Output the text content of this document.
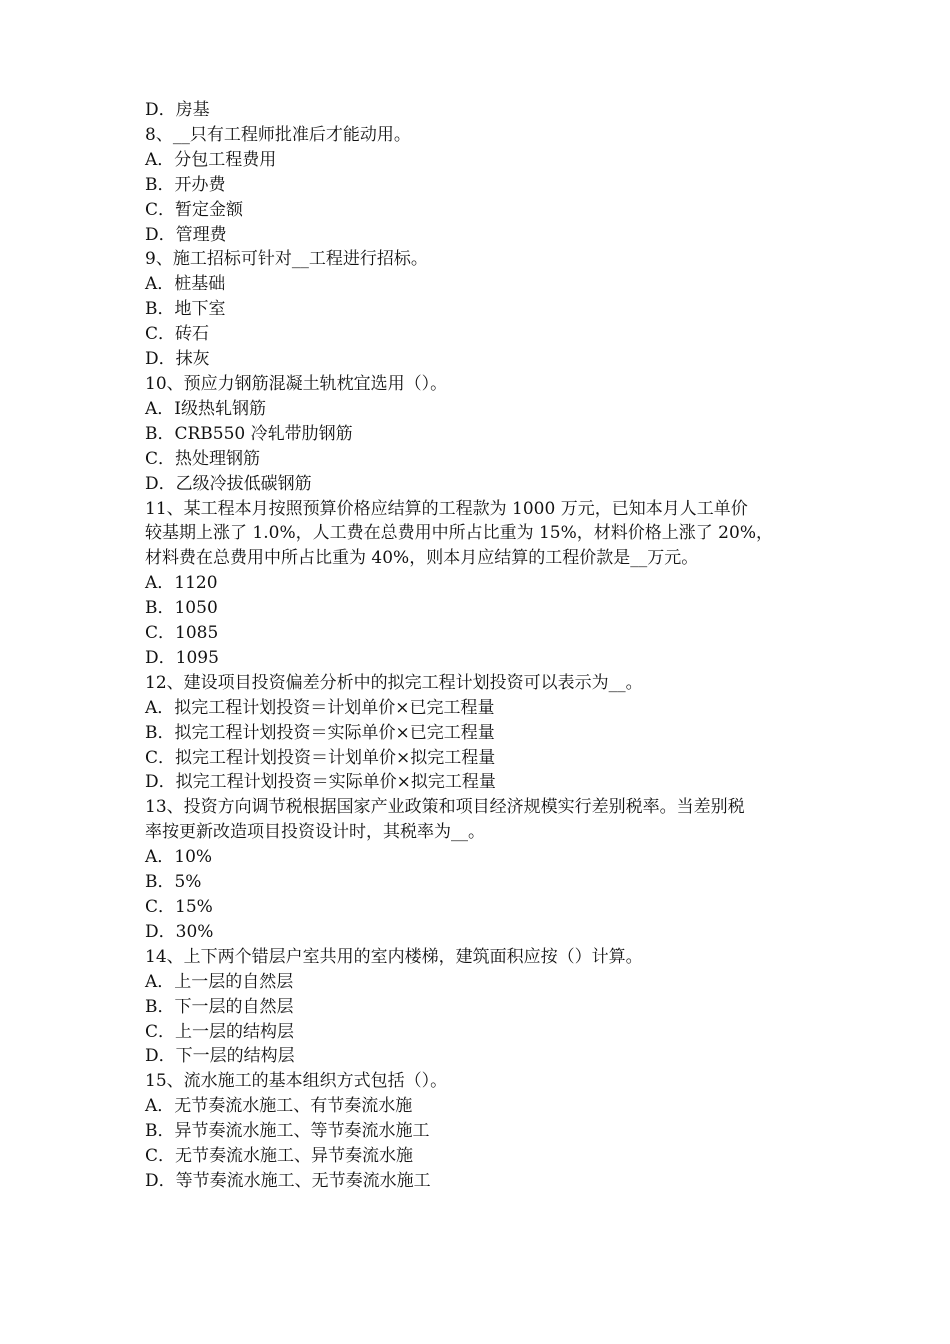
D．房基
8、__只有工程师批准后才能动用。
A．分包工程费用
B．开办费
C．暂定金额
D．管理费
9、施工招标可针对__工程进行招标。
A．桩基础
B．地下室
C．砖石
D．抹灰
10、预应力钢筋混凝土轨枕宜选用（）。
A．Ⅰ级热轧钢筋
B．CRB550 冷轧带肋钢筋
C．热处理钢筋
D．乙级冷拔低碳钢筋
11、某工程本月按照预算价格应结算的工程款为 1000 万元，已知本月人工单价
较基期上涨了 1.0%，人工费在总费用中所占比重为 15%，材料价格上涨了 20%，
材料费在总费用中所占比重为 40%，则本月应结算的工程价款是__万元。
A．1120
B．1050
C．1085
D．1095
12、建设项目投资偏差分析中的拟完工程计划投资可以表示为__。
A．拟完工程计划投资＝计划单价×已完工程量
B．拟完工程计划投资＝实际单价×已完工程量
C．拟完工程计划投资＝计划单价×拟完工程量
D．拟完工程计划投资＝实际单价×拟完工程量
13、投资方向调节税根据国家产业政策和项目经济规模实行差别税率。当差别税
率按更新改造项目投资设计时，其税率为__。
A．10%
B．5%
C．15%
D．30%
14、上下两个错层户室共用的室内楼梯，建筑面积应按（）计算。
A．上一层的自然层
B．下一层的自然层
C．上一层的结构层
D．下一层的结构层
15、流水施工的基本组织方式包括（）。
A．无节奏流水施工、有节奏流水施
B．异节奏流水施工、等节奏流水施工
C．无节奏流水施工、异节奏流水施
D．等节奏流水施工、无节奏流水施工
